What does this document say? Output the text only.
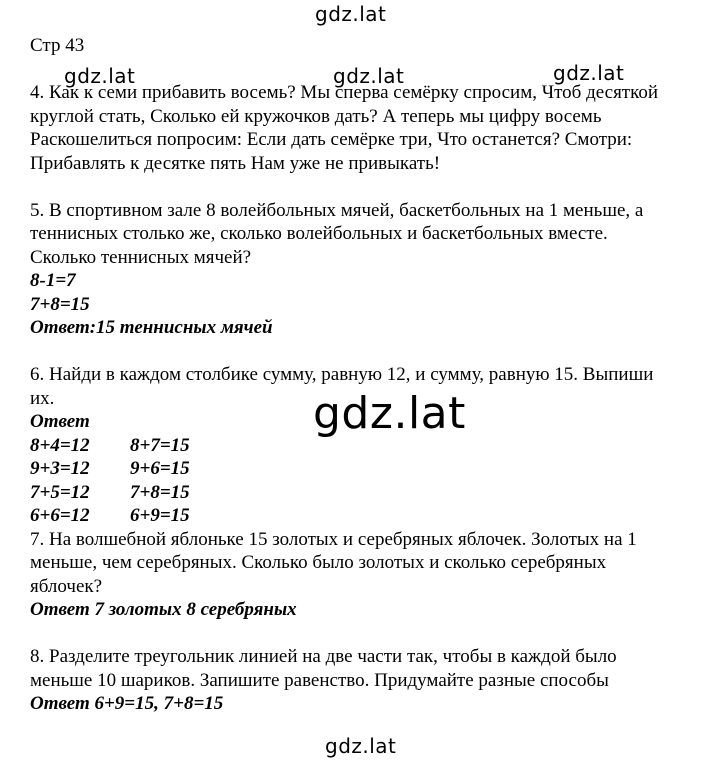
gdz.lat
gdz.lat	gdz.lat	gdz.lat
gdz.lat
gdz.lat
Стр 43
4. Как к семи прибавить восемь? Мы сперва семёрку спросим, Чтоб десяткой
круглой стать, Сколько ей кружочков дать? А теперь мы цифру восемь
Раскошелиться попросим: Если дать семёрке три, Что останется? Смотри:
Прибавлять к десятке пять Нам уже не привыкать!
5. В спортивном зале 8 волейбольных мячей, баскетбольных на 1 меньше, а
теннисных столько же, сколько волейбольных и баскетбольных вместе.
Сколько теннисных мячей?
8-1=7
7+8=15
Ответ:15 теннисных мячей
6. Найди в каждом столбике сумму, равную 12, и сумму, равную 15. Выпиши
их.
Ответ
8+4=12	8+7=15
9+3=12	9+6=15
7+5=12	7+8=15
6+6=12	6+9=15
7. На волшебной яблоньке 15 золотых и серебряных яблочек. Золотых на 1
меньше, чем серебряных. Сколько было золотых и сколько серебряных
яблочек?
Ответ 7 золотых 8 серебряных
8. Разделите треугольник линией на две части так, чтобы в каждой было
меньше 10 шариков. Запишите равенство. Придумайте разные способы
Ответ 6+9=15, 7+8=15
